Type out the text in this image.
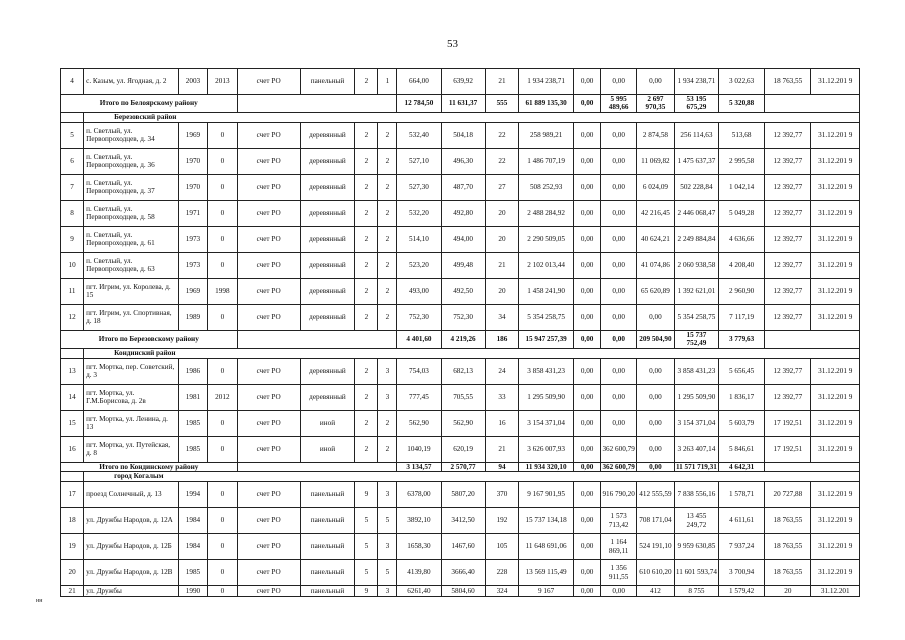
53
4	с. Казым, ул. Ягодная, д. 2	2003	2013	счет РО	панельный	2	1	664,00	639,92	21	1 934 238,71	0,00	0,00	0,00	1 934 238,71	3 022,63	18 763,55	31.12.201 9
Итого по Белоярскому району								12 784,50	11 631,37	555	61 889 135,30	0,00	5 995 489,66	2 697 970,35	53 195 675,29	5 320,88		
	Березовский район																	
5	п. Светлый, ул. Первопроходцев, д. 34	1969	0	счет РО	деревянный	2	2	532,40	504,18	22	258 989,21	0,00	0,00	2 874,58	256 114,63	513,68	12 392,77	31.12.201 9
6	п. Светлый, ул. Первопроходцев, д. 36	1970	0	счет РО	деревянный	2	2	527,10	496,30	22	1 486 707,19	0,00	0,00	11 069,82	1 475 637,37	2 995,58	12 392,77	31.12.201 9
7	п. Светлый, ул. Первопроходцев, д. 37	1970	0	счет РО	деревянный	2	2	527,30	487,70	27	508 252,93	0,00	0,00	6 024,09	502 228,84	1 042,14	12 392,77	31.12.201 9
8	п. Светлый, ул. Первопроходцев, д. 58	1971	0	счет РО	деревянный	2	2	532,20	492,80	20	2 488 284,92	0,00	0,00	42 216,45	2 446 068,47	5 049,28	12 392,77	31.12.201 9
9	п. Светлый, ул. Первопроходцев, д. 61	1973	0	счет РО	деревянный	2	2	514,10	494,00	20	2 290 509,05	0,00	0,00	40 624,21	2 249 884,84	4 636,66	12 392,77	31.12.201 9
10	п. Светлый, ул. Первопроходцев, д. 63	1973	0	счет РО	деревянный	2	2	523,20	499,48	21	2 102 013,44	0,00	0,00	41 074,86	2 060 938,58	4 208,40	12 392,77	31.12.201 9
11	пгт. Игрим, ул. Королева, д. 15	1969	1998	счет РО	деревянный	2	2	493,00	492,50	20	1 458 241,90	0,00	0,00	65 620,89	1 392 621,01	2 960,90	12 392,77	31.12.201 9
12	пгт. Игрим, ул. Спортивная, д. 18	1989	0	счет РО	деревянный	2	2	752,30	752,30	34	5 354 258,75	0,00	0,00	0,00	5 354 258,75	7 117,19	12 392,77	31.12.201 9
Итого по Березовскому району								4 401,60	4 219,26	186	15 947 257,39	0,00	0,00	209 504,90	15 737 752,49	3 779,63		
	Кондинский район																	
13	пгт. Мортка, пер. Советский, д. 3	1986	0	счет РО	деревянный	2	3	754,03	682,13	24	3 858 431,23	0,00	0,00	0,00	3 858 431,23	5 656,45	12 392,77	31.12.201 9
14	пгт. Мортка, ул. Г.М.Борисова, д. 2в	1981	2012	счет РО	деревянный	2	3	777,45	705,55	33	1 295 509,90	0,00	0,00	0,00	1 295 509,90	1 836,17	12 392,77	31.12.201 9
15	пгт. Мортка, ул. Ленина, д. 13	1985	0	счет РО	иной	2	2	562,90	562,90	16	3 154 371,04	0,00	0,00	0,00	3 154 371,04	5 603,79	17 192,51	31.12.201 9
16	пгт. Мортка, ул. Путейская, д. 8	1985	0	счет РО	иной	2	2	1040,19	620,19	21	3 626 007,93	0,00	362 600,79	0,00	3 263 407,14	5 846,61	17 192,51	31.12.201 9
Итого по Кондинскому району								3 134,57	2 570,77	94	11 934 320,10	0,00	362 600,79	0,00	11 571 719,31	4 642,31		
	город Когалым																	
17	проезд Солнечный, д. 13	1994	0	счет РО	панельный	9	3	6378,00	5807,20	370	9 167 901,95	0,00	916 790,20	412 555,59	7 838 556,16	1 578,71	20 727,88	31.12.201 9
18	ул. Дружбы Народов, д. 12А	1984	0	счет РО	панельный	5	5	3892,10	3412,50	192	15 737 134,18	0,00	1 573 713,42	708 171,04	13 455 249,72	4 611,61	18 763,55	31.12.201 9
19	ул. Дружбы Народов, д. 12Б	1984	0	счет РО	панельный	5	3	1658,30	1467,60	105	11 648 691,06	0,00	1 164 869,11	524 191,10	9 959 630,85	7 937,24	18 763,55	31.12.201 9
20	ул. Дружбы Народов, д. 12В	1985	0	счет РО	панельный	5	5	4139,80	3666,40	228	13 569 115,49	0,00	1 356 911,55	610 610,20	11 601 593,74	3 700,94	18 763,55	31.12.201 9
21	ул. Дружбы	1990	0	счет РО	панельный	9	3	6261,40	5804,60	324	9 167	0,00	0,00	412	8 755	1 579,42	20	31.12.201
нн
